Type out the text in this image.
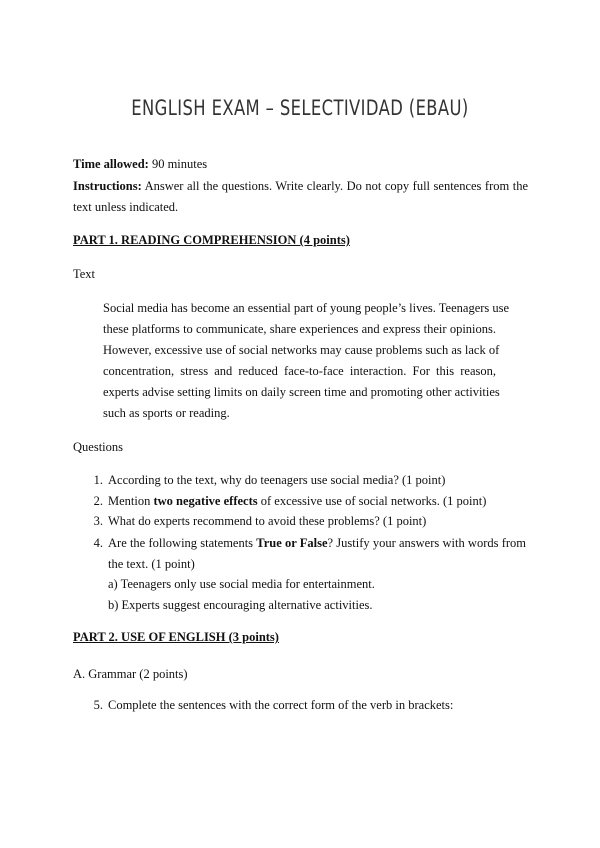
ENGLISH EXAM – SELECTIVIDAD (EBAU)
Time allowed: 90 minutes
Instructions: Answer all the questions. Write clearly. Do not copy full sentences from the
text unless indicated.
PART 1. READING COMPREHENSION (4 points)
Text
Social media has become an essential part of young people’s lives. Teenagers use
these platforms to communicate, share experiences and express their opinions.
However, excessive use of social networks may cause problems such as lack of
concentration, stress and reduced face-to-face interaction. For this reason,
experts advise setting limits on daily screen time and promoting other activities
such as sports or reading.
Questions
1. According to the text, why do teenagers use social media? (1 point)
2. Mention two negative effects of excessive use of social networks. (1 point)
3. What do experts recommend to avoid these problems? (1 point)
4. Are the following statements True or False? Justify your answers with words from
the text. (1 point)
a) Teenagers only use social media for entertainment.
b) Experts suggest encouraging alternative activities.
PART 2. USE OF ENGLISH (3 points)
A. Grammar (2 points)
5. Complete the sentences with the correct form of the verb in brackets:
